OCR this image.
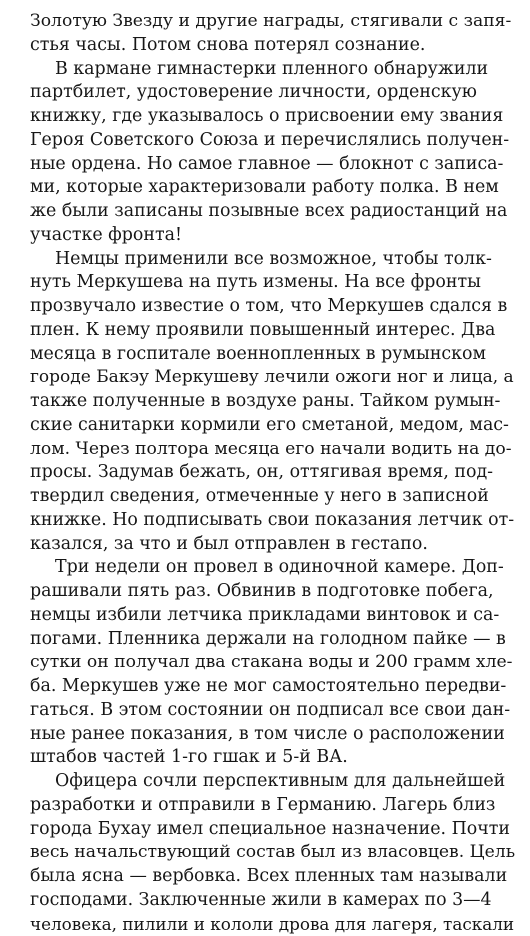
Золотую Звезду и другие награды, стягивали с запя-
стья часы. Потом снова потерял сознание.

В кармане гимнастерки пленного обнаружили
партбилет, удостоверение личности, орденскую
книжку, где указывалось о присвоении ему звания
Героя Советского Союза и перечислялись получен-
ные ордена. Но самое главное — блокнот с записа-
ми, которые характеризовали работу полка. В нем
же были записаны позывные всех радиостанций на
участке фронта!

Немцы применили все возможное, чтобы толк-
нуть Меркушева на путь измены. На все фронты
прозвучало известие о том, что Меркушев сдался в
плен. К нему проявили повышенный интерес. Два
месяца в госпитале военнопленных в румынском
городе Бакэу Меркушеву лечили ожоги ног и лица, а
также полученные в воздухе раны. Тайком румын-
ские санитарки кормили его сметаной, медом, мас-
лом. Через полтора месяца его начали водить на до-
просы. Задумав бежать, он, оттягивая время, под-
твердил сведения, отмеченные у него в записной
книжке. Но подписывать свои показания летчик от-
казался, за что и был отправлен в гестапо.

Три недели он провел в одиночной камере. Доп-
рашивали пять раз. Обвинив в подготовке побега,
немцы избили летчика прикладами винтовок и са-
погами. Пленника держали на голодном пайке — в
сутки он получал два стакана воды и 200 грамм хле-
ба. Меркушев уже не мог самостоятельно передви-
гаться. В этом состоянии он подписал все свои дан-
ные ранее показания, в том числе о расположении
штабов частей 1-го гшак и 5-й ВА.

Офицера сочли перспективным для дальнейшей
разработки и отправили в Германию. Лагерь близ
города Бухау имел специальное назначение. Почти
весь начальствующий состав был из власовцев. Цель
была ясна — вербовка. Всех пленных там называли
господами. Заключенные жили в камерах по 3—4
человека, пилили и кололи дрова для лагеря, таскали
